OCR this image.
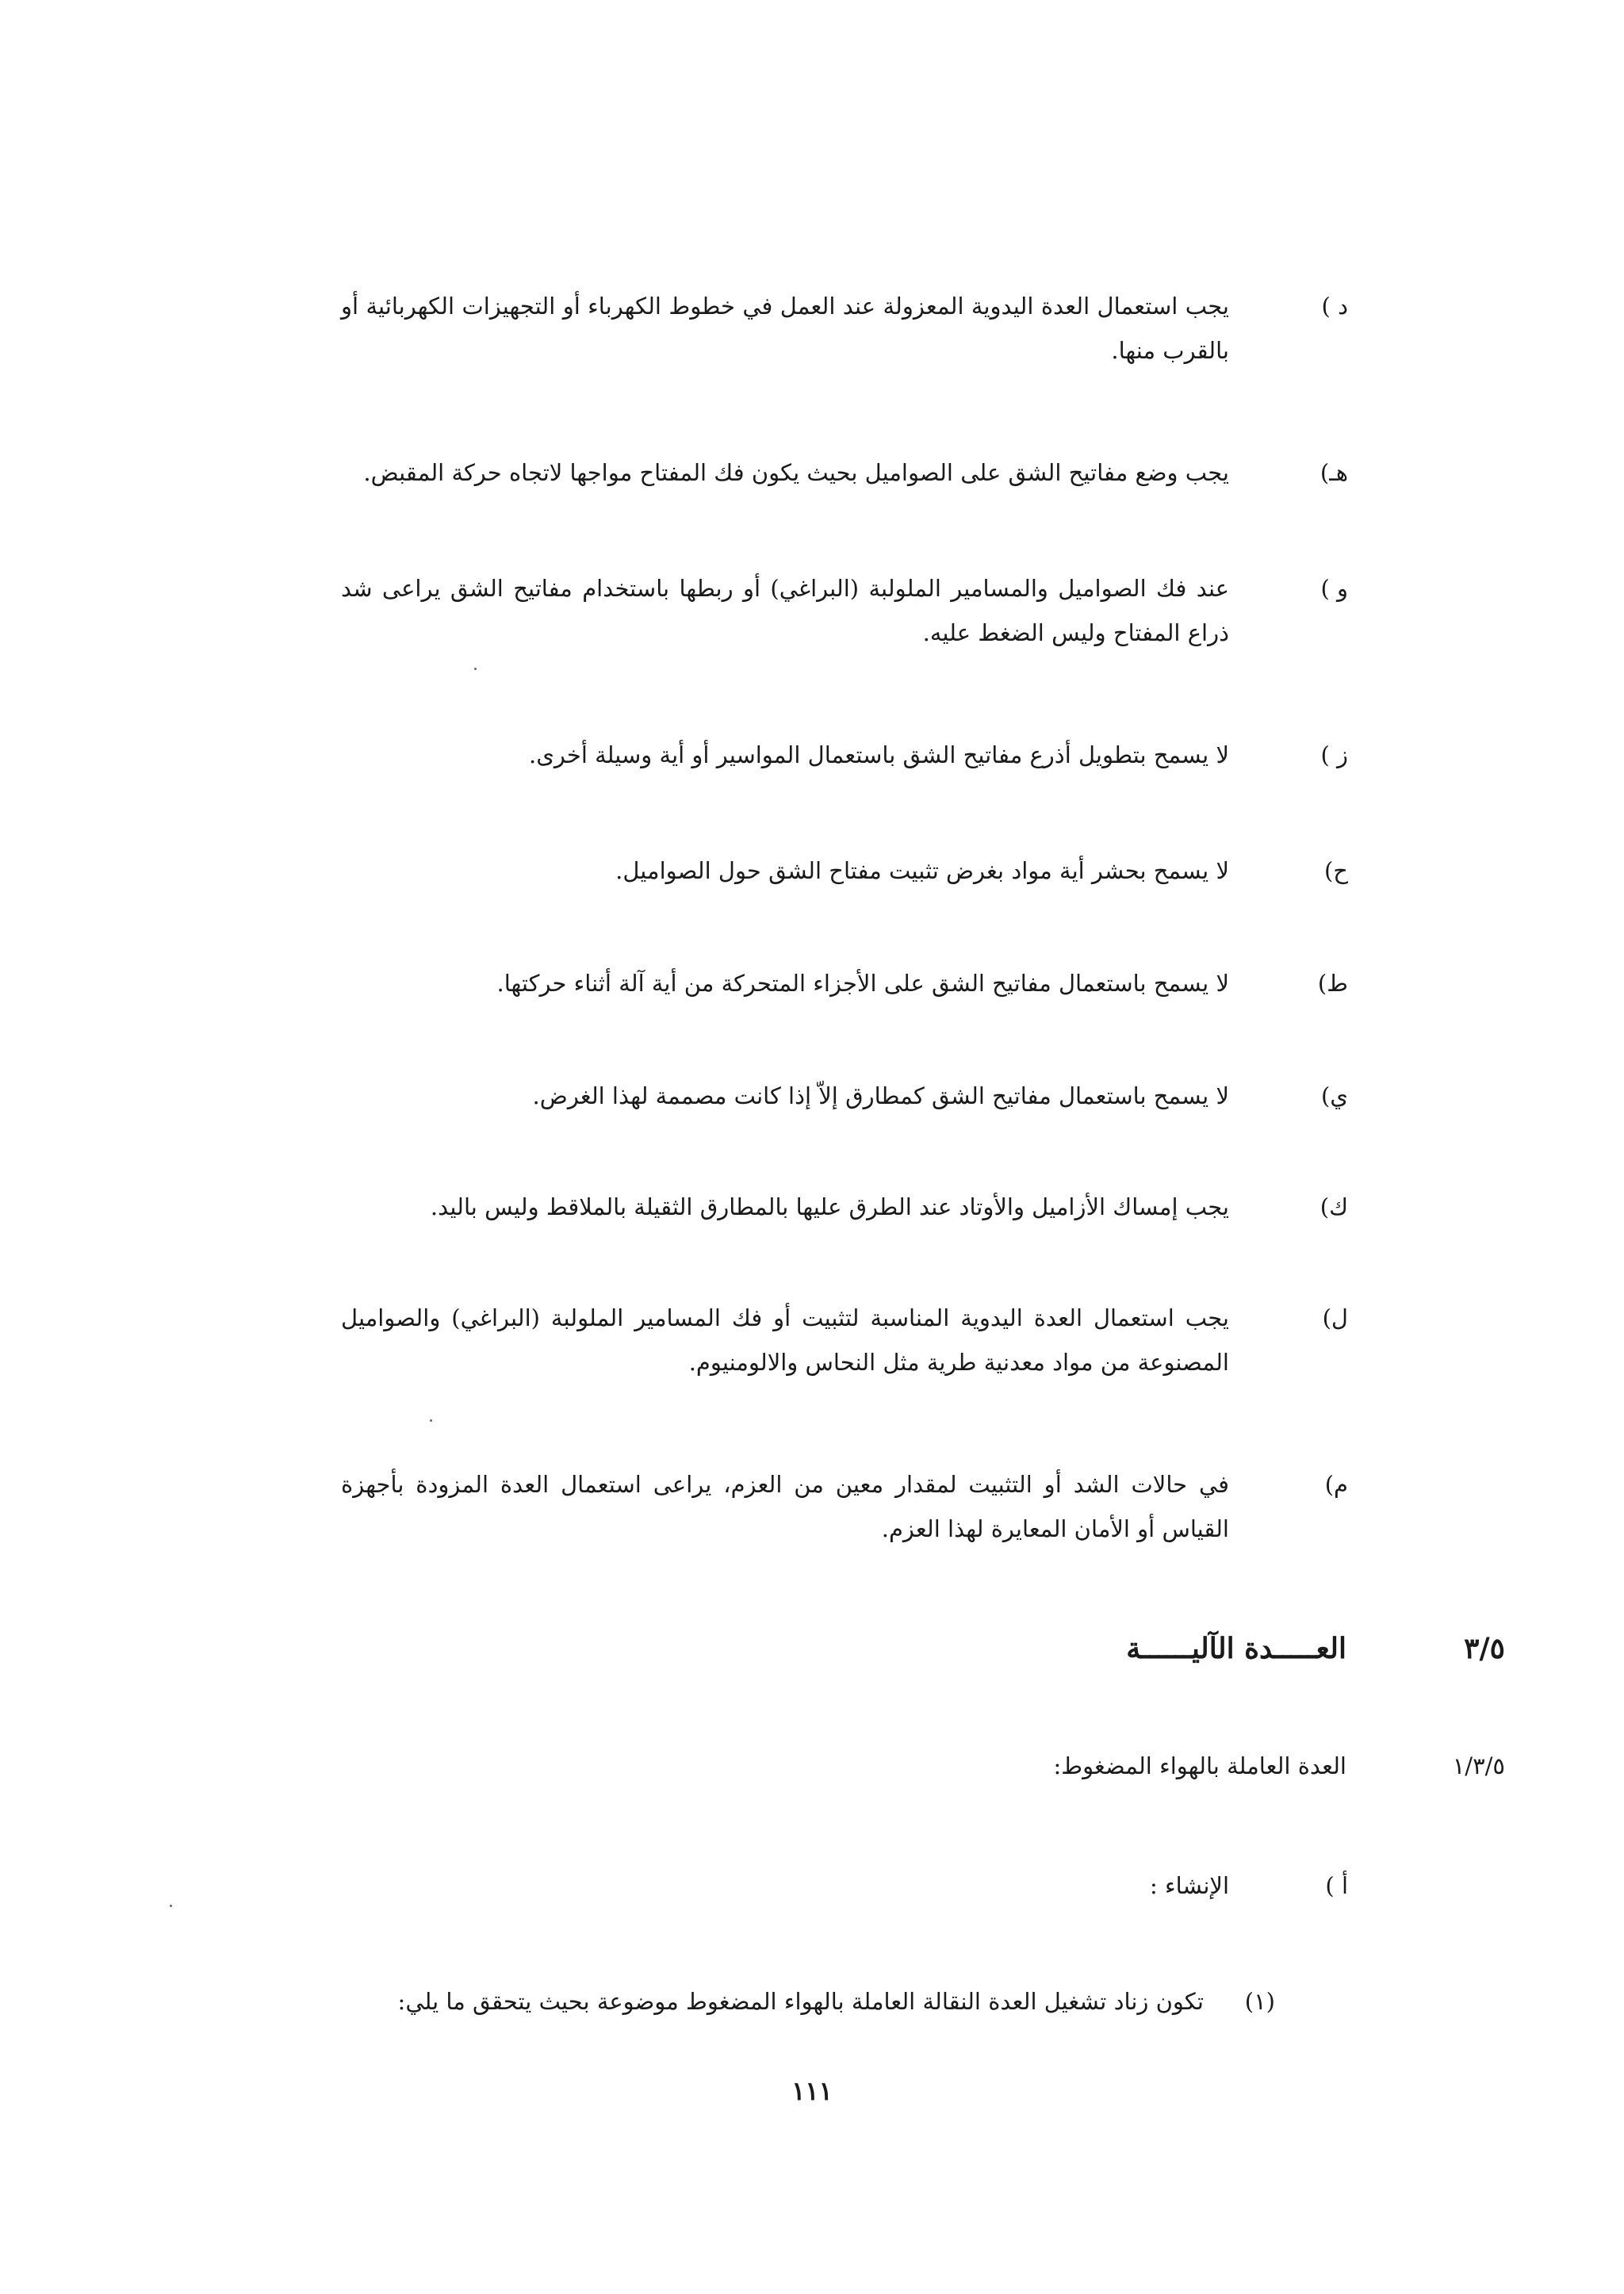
د )
يجب استعمال العدة اليدوية المعزولة عند العمل في خطوط الكهرباء أو التجهيزات الكهربائية أو بالقرب منها.
هـ)
يجب وضع مفاتيح الشق على الصواميل بحيث يكون فك المفتاح مواجها لاتجاه حركة المقبض.
و )
عند فك الصواميل والمسامير الملولبة (البراغي) أو ربطها باستخدام مفاتيح الشق يراعى شد ذراع المفتاح وليس الضغط عليه.
ز )
لا يسمح بتطويل أذرع مفاتيح الشق باستعمال المواسير أو أية وسيلة أخرى.
ح)
لا يسمح بحشر أية مواد بغرض تثبيت مفتاح الشق حول الصواميل.
ط)
لا يسمح باستعمال مفاتيح الشق على الأجزاء المتحركة من أية آلة أثناء حركتها.
ي)
لا يسمح باستعمال مفاتيح الشق كمطارق إلاّ إذا كانت مصممة لهذا الغرض.
ك)
يجب إمساك الأزاميل والأوتاد عند الطرق عليها بالمطارق الثقيلة بالملاقط وليس باليد.
ل)
يجب استعمال العدة اليدوية المناسبة لتثبيت أو فك المسامير الملولبة (البراغي) والصواميل المصنوعة من مواد معدنية طرية مثل النحاس والالومنيوم.
م)
في حالات الشد أو التثبيت لمقدار معين من العزم، يراعى استعمال العدة المزودة بأجهزة القياس أو الأمان المعايرة لهذا العزم.
٣/٥
العـــــدة الآليــــــة
١/٣/٥
العدة العاملة بالهواء المضغوط:
أ )
الإنشاء :
(١)
تكون زناد تشغيل العدة النقالة العاملة بالهواء المضغوط موضوعة بحيث يتحقق ما يلي:
١١١
